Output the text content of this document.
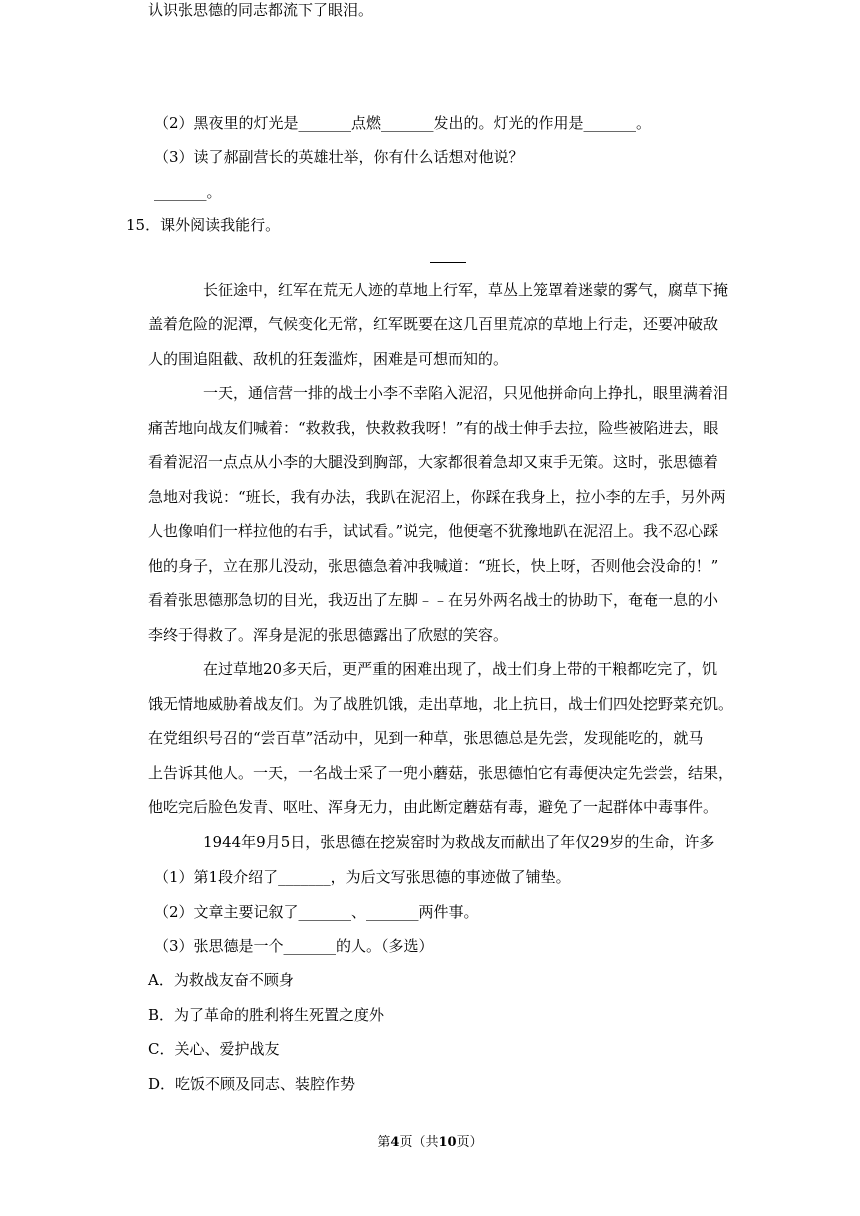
（2）黑夜里的灯光是_______点燃_______发出的。灯光的作用是_______。
（3）读了郝副营长的英雄壮举，你有什么话想对他说？
_______。
15．课外阅读我能行。
长征途中，红军在荒无人迹的草地上行军，草丛上笼罩着迷蒙的雾气，腐草下掩
盖着危险的泥潭，气候变化无常，红军既要在这几百里荒凉的草地上行走，还要冲破敌
人的围追阻截、敌机的狂轰滥炸，困难是可想而知的。
一天，通信营一排的战士小李不幸陷入泥沼，只见他拼命向上挣扎，眼里满着泪
痛苦地向战友们喊着：“救救我，快救救我呀！”有的战士伸手去拉，险些被陷进去，眼
看着泥沼一点点从小李的大腿没到胸部，大家都很着急却又束手无策。这时，张思德着
急地对我说：“班长，我有办法，我趴在泥沼上，你踩在我身上，拉小李的左手，另外两
人也像咱们一样拉他的右手，试试看。”说完，他便毫不犹豫地趴在泥沼上。我不忍心踩
他的身子，立在那儿没动，张思德急着冲我喊道：“班长，快上呀，否则他会没命的！”
看着张思德那急切的目光，我迈出了左脚﹣﹣在另外两名战士的协助下，奄奄一息的小
李终于得救了。浑身是泥的张思德露出了欣慰的笑容。
在过草地20多天后，更严重的困难出现了，战士们身上带的干粮都吃完了，饥
饿无情地威胁着战友们。为了战胜饥饿，走出草地，北上抗日，战士们四处挖野菜充饥。
在党组织号召的“尝百草”活动中，见到一种草，张思德总是先尝，发现能吃的，就马
上告诉其他人。一天，一名战士采了一兜小蘑菇，张思德怕它有毒便决定先尝尝，结果，
他吃完后脸色发青、呕吐、浑身无力，由此断定蘑菇有毒，避免了一起群体中毒事件。
1944年9月5日，张思德在挖炭窑时为救战友而献出了年仅29岁的生命，许多
认识张思德的同志都流下了眼泪。
（1）第1段介绍了_______，为后文写张思德的事迹做了铺垫。
（2）文章主要记叙了_______、_______两件事。
（3）张思德是一个_______的人。（多选）
A．为救战友奋不顾身
B．为了革命的胜利将生死置之度外
C．关心、爱护战友
D．吃饭不顾及同志、装腔作势
第4页（共10页）
